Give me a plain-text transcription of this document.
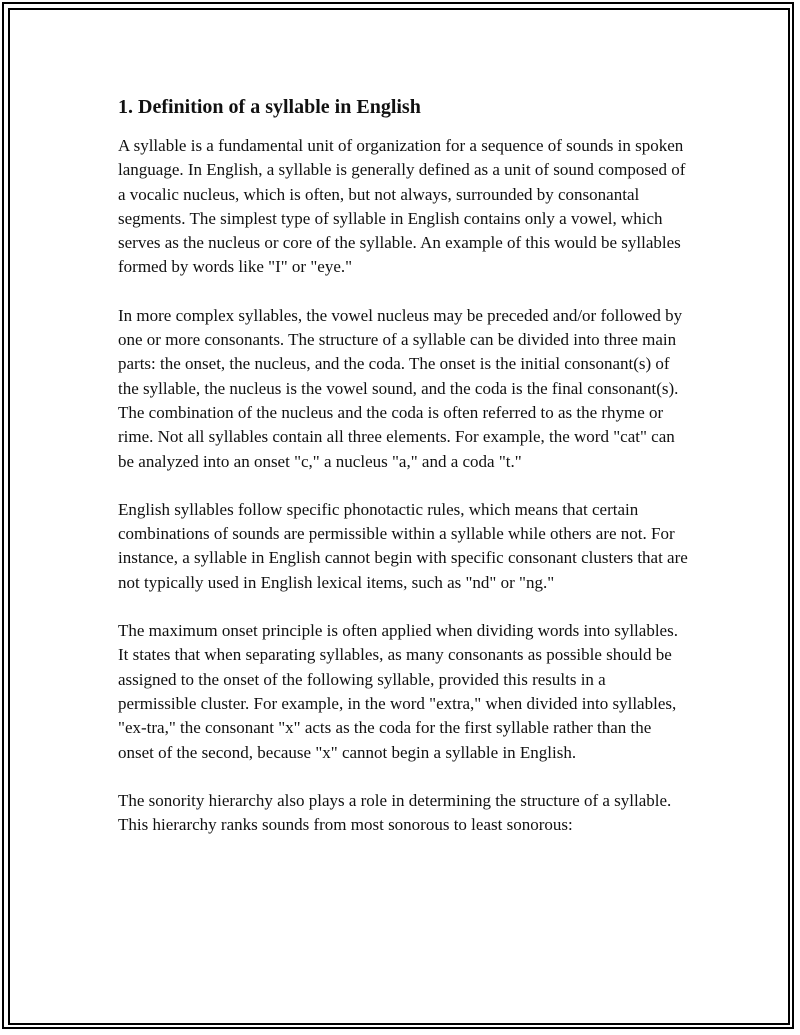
1. Definition of a syllable in English

A syllable is a fundamental unit of organization for a sequence of sounds in spoken language. In English, a syllable is generally defined as a unit of sound composed of a vocalic nucleus, which is often, but not always, surrounded by consonantal segments. The simplest type of syllable in English contains only a vowel, which serves as the nucleus or core of the syllable. An example of this would be syllables formed by words like "I" or "eye."

In more complex syllables, the vowel nucleus may be preceded and/or followed by one or more consonants. The structure of a syllable can be divided into three main parts: the onset, the nucleus, and the coda. The onset is the initial consonant(s) of the syllable, the nucleus is the vowel sound, and the coda is the final consonant(s). The combination of the nucleus and the coda is often referred to as the rhyme or rime. Not all syllables contain all three elements. For example, the word "cat" can be analyzed into an onset "c," a nucleus "a," and a coda "t."

English syllables follow specific phonotactic rules, which means that certain combinations of sounds are permissible within a syllable while others are not. For instance, a syllable in English cannot begin with specific consonant clusters that are not typically used in English lexical items, such as "nd" or "ng."

The maximum onset principle is often applied when dividing words into syllables. It states that when separating syllables, as many consonants as possible should be assigned to the onset of the following syllable, provided this results in a permissible cluster. For example, in the word "extra," when divided into syllables, "ex-tra," the consonant "x" acts as the coda for the first syllable rather than the onset of the second, because "x" cannot begin a syllable in English.

The sonority hierarchy also plays a role in determining the structure of a syllable. This hierarchy ranks sounds from most sonorous to least sonorous:
